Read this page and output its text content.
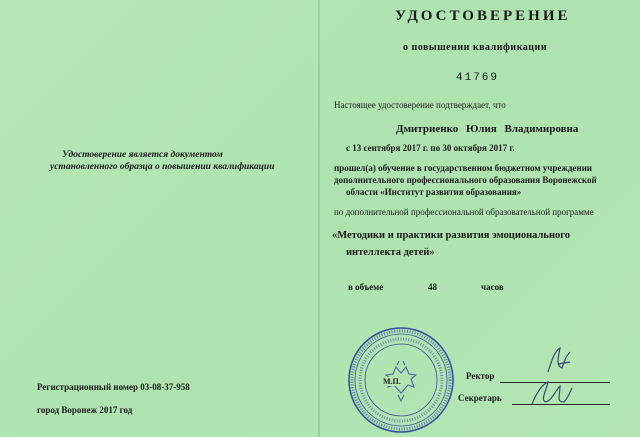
УДОСТОВЕРЕНИЕ
о повышении квалификации
41769
Настоящее удостоверение подтверждает, что
Дмитриенко Юлия Владимировна
с 13 сентября 2017 г. по 30 октября 2017 г.
прошел(а) обучение в государственном бюджетном учреждении
дополнительного профессионального образования Воронежской
области «Институт развития образования»
по дополнительной профессиональной образовательной программе
«Методики и практики развития эмоционального
интеллекта детей»
в объеме	48	часов
Удостоверение является документом
установленного образца о повышении квалификации
Регистрационный номер 03-08-37-958
город Воронеж 2017 год
Ректор
Секретарь
М.П.
